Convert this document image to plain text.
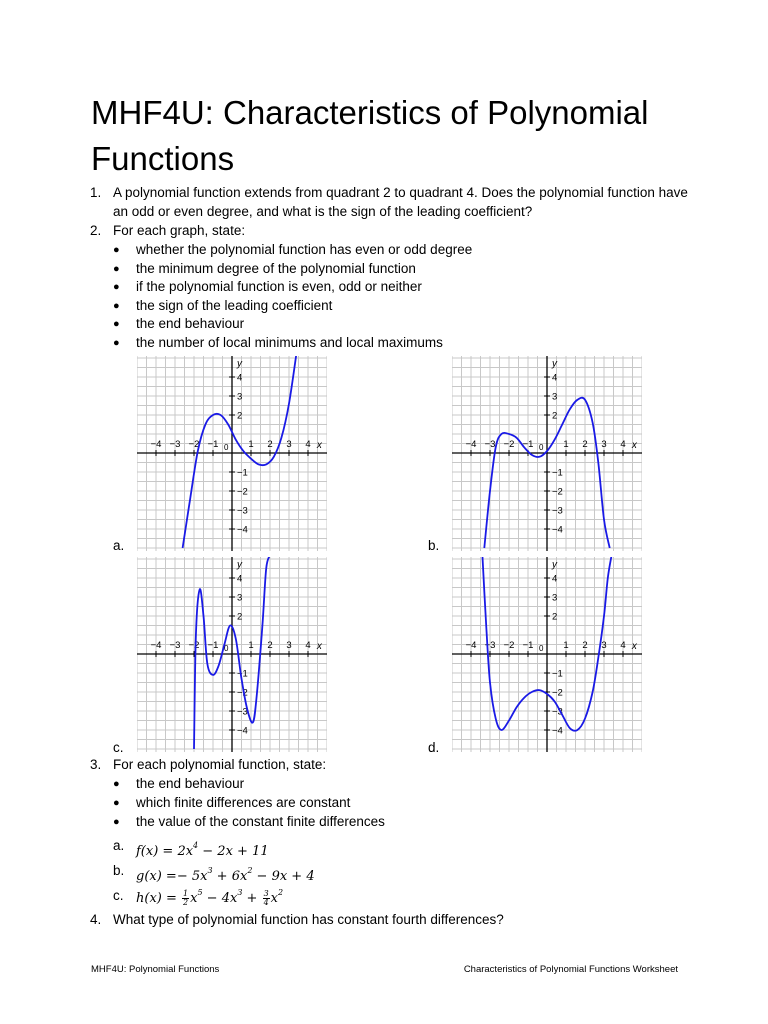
MHF4U: Characteristics of Polynomial Functions
1. A polynomial function extends from quadrant 2 to quadrant 4. Does the polynomial function have an odd or even degree, and what is the sign of the leading coefficient?
2. For each graph, state:
● whether the polynomial function has even or odd degree
● the minimum degree of the polynomial function
● if the polynomial function is even, odd or neither
● the sign of the leading coefficient
● the end behaviour
● the number of local minimums and local maximums
a.	b.
c.	d.
−4 −3 −2 −1	1 2 3 4 x
4
3
2
−1
−2
−3
−4
y
0	−4 −3 −2 −1	1 2 3 4 x
4
3
2
−1
−2
−3
−4
y
0
−4 −3 −2 −1	1 2 3 4 x
4
3
2
−1
−2
−3
−4
y
0	−4 −3 −2 −1	1 2 3 4 x
4
3
2
−1
−2
−3
−4
y
0
3. For each polynomial function, state:
● the end behaviour
● which finite differences are constant
● the value of the constant finite differences
a. $f(x) = 2x^4 - 2x + 11$
b. $g(x) =- 5x^3 + 6x^2 - 9x + 4$
c. $h(x) = \frac{1}{2} x^5 - 4x^3 + \frac{3}{4} x^2$
4. What type of polynomial function has constant fourth differences?
MHF4U: Polynomial Functions	Characteristics of Polynomial Functions Worksheet
